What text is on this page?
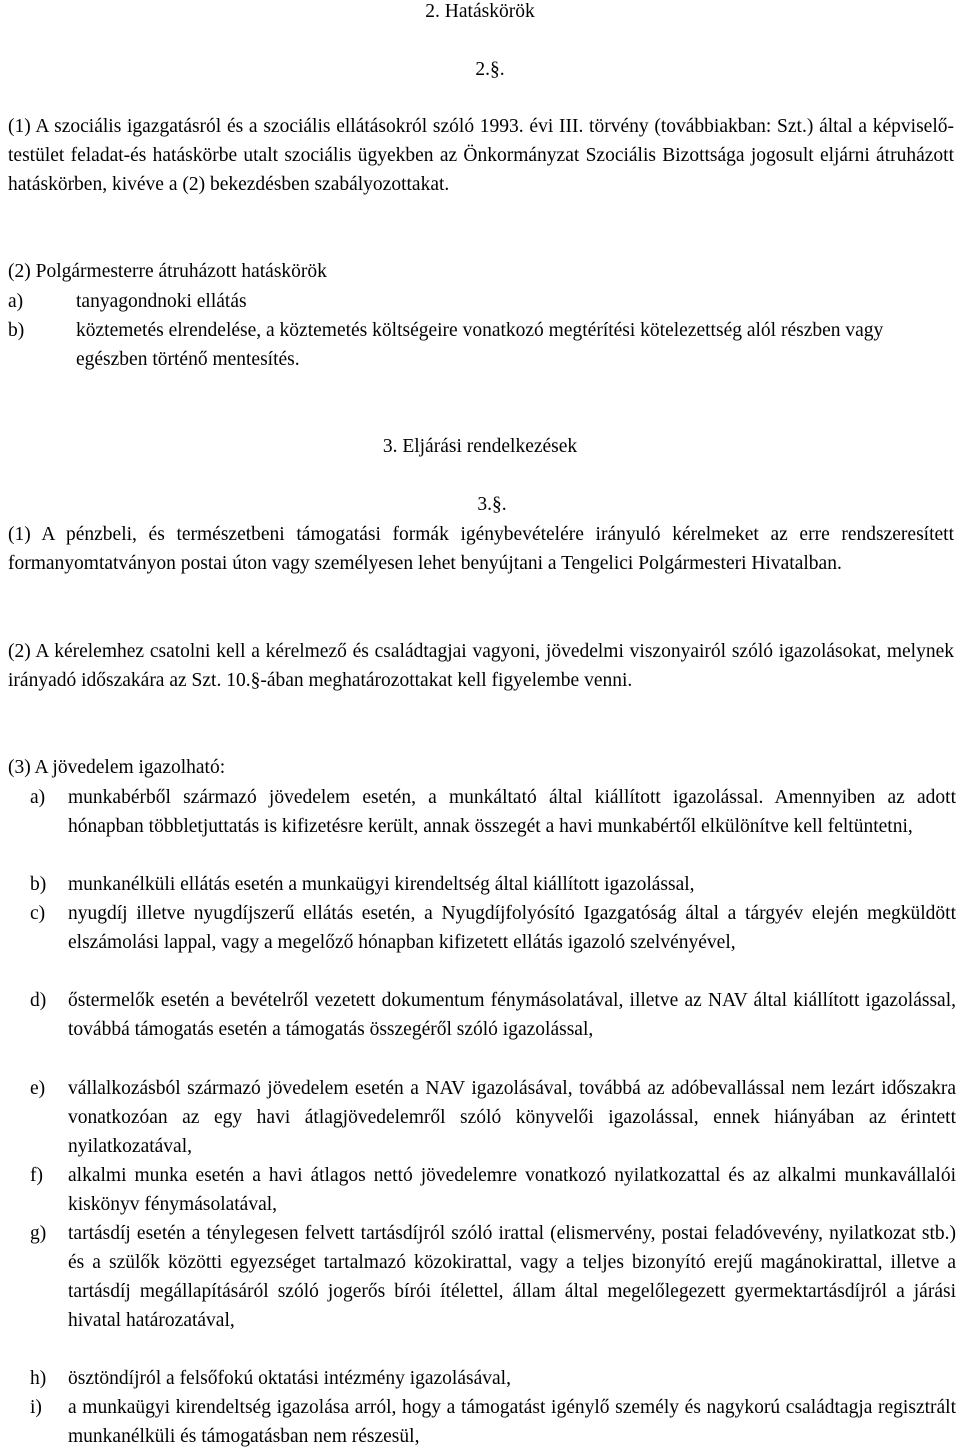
2. Hatáskörök
2.§.
(1) A szociális igazgatásról és a szociális ellátásokról szóló 1993. évi III. törvény (továbbiakban: Szt.) által a képviselő-testület feladat-és hatáskörbe utalt szociális ügyekben az Önkormányzat Szociális Bizottsága jogosult eljárni átruházott hatáskörben, kivéve a (2) bekezdésben szabályozottakat.
(2) Polgármesterre átruházott hatáskörök
a)	tanyagondnoki ellátás
b)	köztemetés elrendelése, a köztemetés költségeire vonatkozó megtérítési kötelezettség alól részben vagy egészben történő mentesítés.
3. Eljárási rendelkezések
3.§.
(1) A pénzbeli, és természetbeni támogatási formák igénybevételére irányuló kérelmeket az erre rendszeresített formanyomtatványon postai úton vagy személyesen lehet benyújtani a Tengelici Polgármesteri Hivatalban.
(2) A kérelemhez csatolni kell a kérelmező és családtagjai vagyoni, jövedelmi viszonyairól szóló igazolásokat, melynek irányadó időszakára az Szt. 10.§-ában meghatározottakat kell figyelembe venni.
(3) A jövedelem igazolható:
a)	munkabérből származó jövedelem esetén, a munkáltató által kiállított igazolással. Amennyiben az adott hónapban többletjuttatás is kifizetésre került, annak összegét a havi munkabértől elkülönítve kell feltüntetni,
b)	munkanélküli ellátás esetén a munkaügyi kirendeltség által kiállított igazolással,
c)	nyugdíj illetve nyugdíjszerű ellátás esetén, a Nyugdíjfolyósító Igazgatóság által a tárgyév elején megküldött elszámolási lappal, vagy a megelőző hónapban kifizetett ellátás igazoló szelvényével,
d)	őstermelők esetén a bevételről vezetett dokumentum fénymásolatával, illetve az NAV által kiállított igazolással, továbbá támogatás esetén a támogatás összegéről szóló igazolással,
e)	vállalkozásból származó jövedelem esetén a NAV igazolásával, továbbá az adóbevallással nem lezárt időszakra vonatkozóan az egy havi átlagjövedelemről szóló könyvelői igazolással, ennek hiányában az érintett nyilatkozatával,
f)	alkalmi munka esetén a havi átlagos nettó jövedelemre vonatkozó nyilatkozattal és az alkalmi munkavállalói kiskönyv fénymásolatával,
g)	tartásdíj esetén a ténylegesen felvett tartásdíjról szóló irattal (elismervény, postai feladóvevény, nyilatkozat stb.) és a szülők közötti egyezséget tartalmazó közokirattal, vagy a teljes bizonyító erejű magánokirattal, illetve a tartásdíj megállapításáról szóló jogerős bírói ítélettel, állam által megelőlegezett gyermektartásdíjról a járási hivatal határozatával,
h)	ösztöndíjról a felsőfokú oktatási intézmény igazolásával,
i)	a munkaügyi kirendeltség igazolása arról, hogy a támogatást igénylő személy és nagykorú családtagja regisztrált munkanélküli és támogatásban nem részesül,
